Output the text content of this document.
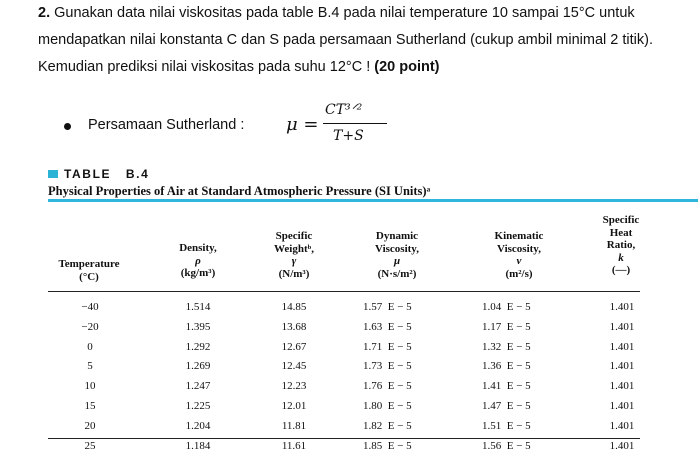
2. Gunakan data nilai viskositas pada table B.4 pada nilai temperature 10 sampai 15°C untuk

mendapatkan nilai konstanta C dan S pada persamaan Sutherland (cukup ambil minimal 2 titik).

Kemudian prediksi nilai viskositas pada suhu 12°C ! (20 point)

Persamaan Sutherland : μ =
CT³ᐟ²
T+S
TABLE   B.4
Physical Properties of Air at Standard Atmospheric Pressure (SI Units)ᵃ
Temperature
(°C)
Density,
ρ
(kg/m³)
Specific
Weightᵇ,
γ
(N/m³)
Dynamic
Viscosity,
μ
(N·s/m²)
Kinematic
Viscosity,
ν
(m²/s)
Specific
Heat
Ratio,
k
(—)
−40
−20
0
5
10
15
20
25
1.514
1.395
1.292
1.269
1.247
1.225
1.204
1.184
14.85
13.68
12.67
12.45
12.23
12.01
11.81
11.61
1.57  E − 5
1.63  E − 5
1.71  E − 5
1.73  E − 5
1.76  E − 5
1.80  E − 5
1.82  E − 5
1.85  E − 5
1.04  E − 5
1.17  E − 5
1.32  E − 5
1.36  E − 5
1.41  E − 5
1.47  E − 5
1.51  E − 5
1.56  E − 5
1.401
1.401
1.401
1.401
1.401
1.401
1.401
1.401
